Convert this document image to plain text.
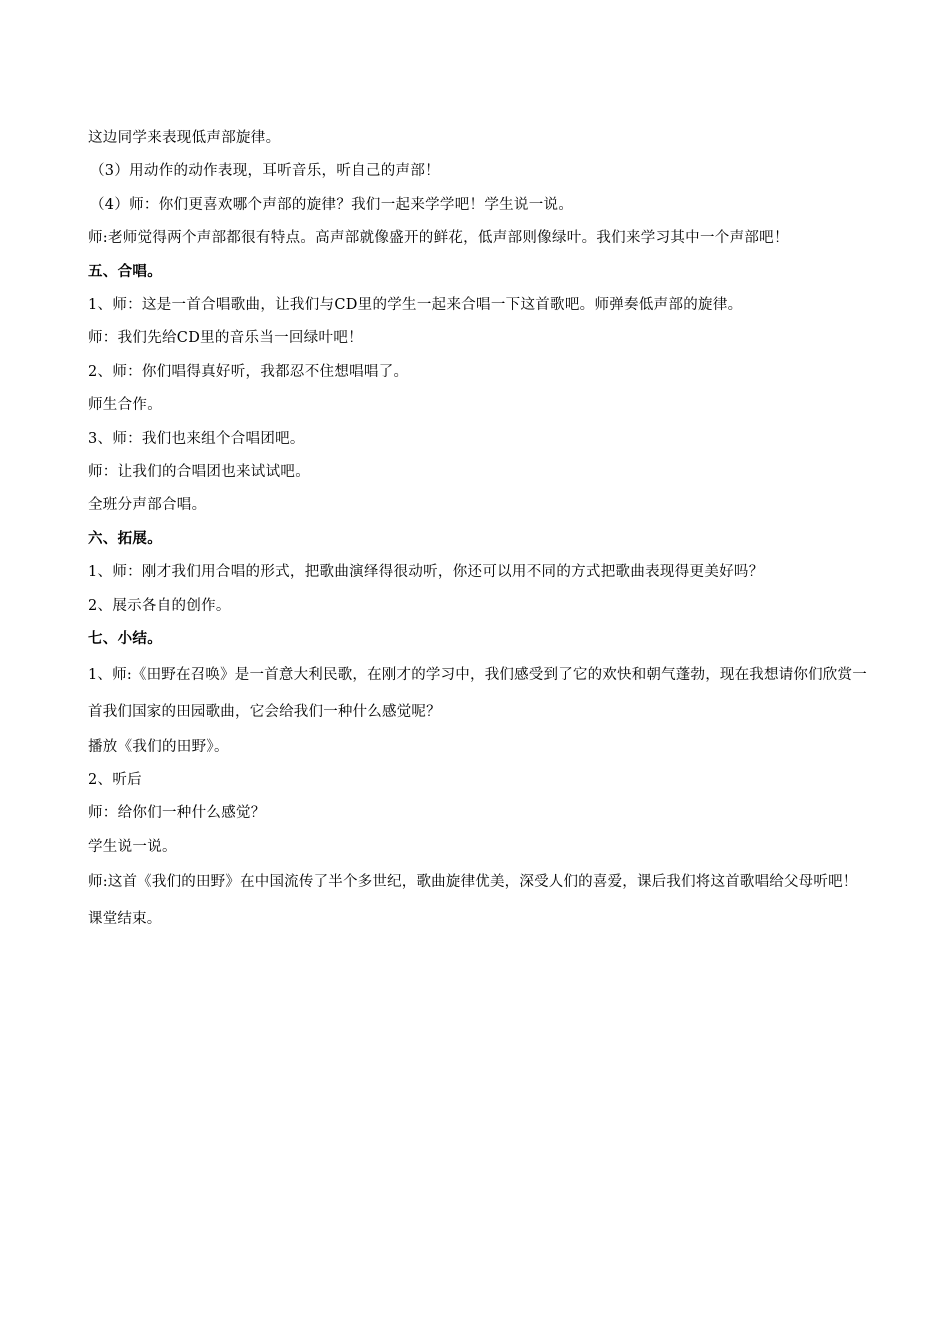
这边同学来表现低声部旋律。
（3）用动作的动作表现，耳听音乐，听自己的声部！
（4）师：你们更喜欢哪个声部的旋律？我们一起来学学吧！学生说一说。
师:老师觉得两个声部都很有特点。高声部就像盛开的鲜花，低声部则像绿叶。我们来学习其中一个声部吧！
五、合唱。
1、师：这是一首合唱歌曲，让我们与CD里的学生一起来合唱一下这首歌吧。师弹奏低声部的旋律。
师：我们先给CD里的音乐当一回绿叶吧！
2、师：你们唱得真好听，我都忍不住想唱唱了。
师生合作。
3、师：我们也来组个合唱团吧。
师：让我们的合唱团也来试试吧。
全班分声部合唱。
六、拓展。
1、师：刚才我们用合唱的形式，把歌曲演绎得很动听，你还可以用不同的方式把歌曲表现得更美好吗？
2、展示各自的创作。
七、小结。
1、师:《田野在召唤》是一首意大利民歌，在刚才的学习中，我们感受到了它的欢快和朝气蓬勃，现在我想请你们欣赏一首我们国家的田园歌曲，它会给我们一种什么感觉呢？
播放《我们的田野》。
2、听后
师：给你们一种什么感觉？
学生说一说。
师:这首《我们的田野》在中国流传了半个多世纪，歌曲旋律优美，深受人们的喜爱，课后我们将这首歌唱给父母听吧！课堂结束。
